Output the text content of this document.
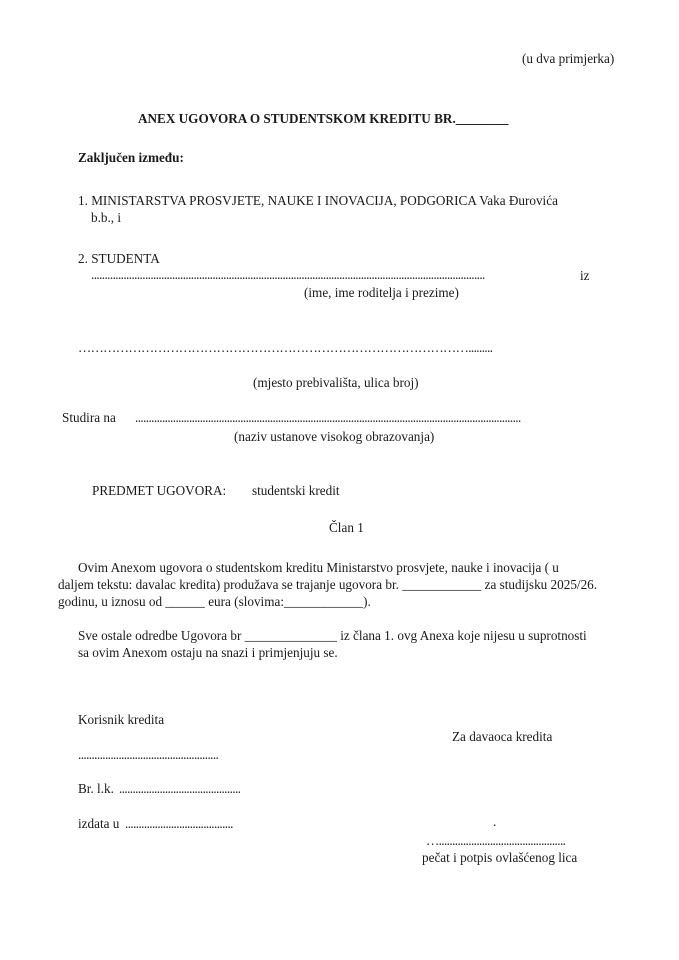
(u dva primjerka)
ANEX UGOVORA O STUDENTSKOM KREDITU BR.________
Zaključen između:
1. MINISTARSTVA PROSVJETE, NAUKE I INOVACIJA, PODGORICA Vaka Đurovića
b.b., i
2. STUDENTA
..................................................................................................................................................	iz
(ime, ime roditelja i prezime)
………………………………………………………………………………….........
(mjesto prebivališta, ulica broj)
Studira na ...............................................................................................................................................
(naziv ustanove visokog obrazovanja)
PREDMET UGOVORA: studentski kredit
Član 1
Ovim Anexom ugovora o studentskom kreditu Ministarstvo prosvjete, nauke i inovacija ( u
daljem tekstu: davalac kredita) produžava se trajanje ugovora br. ____________ za studijsku 2025/26.
godinu, u iznosu od ______ eura (slovima:____________).
Sve ostale odredbe Ugovora br ______________ iz člana 1. ovg Anexa koje nijesu u suprotnosti
sa ovim Anexom ostaju na snazi i primjenjuju se.
Korisnik kredita
Za davaoca kredita
....................................................
Br. l.k. .............................................
izdata u ........................................	.
…...............................................
pečat i potpis ovlašćenog lica
